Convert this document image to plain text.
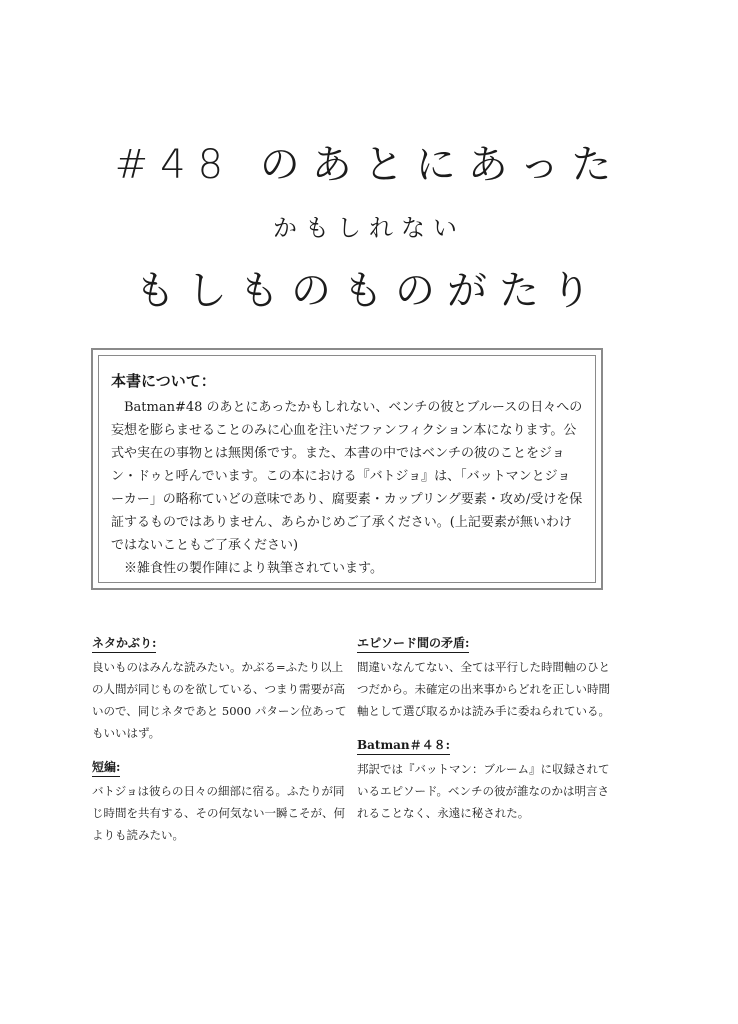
#48 のあとにあった
かもしれない
もしものものがたり
本書について：

Batman#48 のあとにあったかもしれない、ベンチの彼とブルースの日々への妄想を膨らませることのみに心血を注いだファンフィクション本になります。公式や実在の事物とは無関係です。また、本書の中ではベンチの彼のことをジョン・ドゥと呼んでいます。この本における『バトジョ』は、「バットマンとジョーカー」の略称ていどの意味であり、腐要素・カップリング要素・攻め/受けを保証するものではありません、あらかじめご了承ください。(上記要素が無いわけではないこともご了承ください)

※雑食性の製作陣により執筆されています。

ネタかぶり:

良いものはみんな読みたい。かぶる=ふたり以上の人間が同じものを欲している、つまり需要が高いので、同じネタであと 5000 パターン位あってもいいはず。

短編:

バトジョは彼らの日々の細部に宿る。ふたりが同じ時間を共有する、その何気ない一瞬こそが、何よりも読みたい。

エピソード間の矛盾:

間違いなんてない、全ては平行した時間軸のひとつだから。未確定の出来事からどれを正しい時間軸として選び取るかは読み手に委ねられている。

Batman＃４８:

邦訳では『バットマン：ブルーム』に収録されているエピソード。ベンチの彼が誰なのかは明言されることなく、永遠に秘された。
